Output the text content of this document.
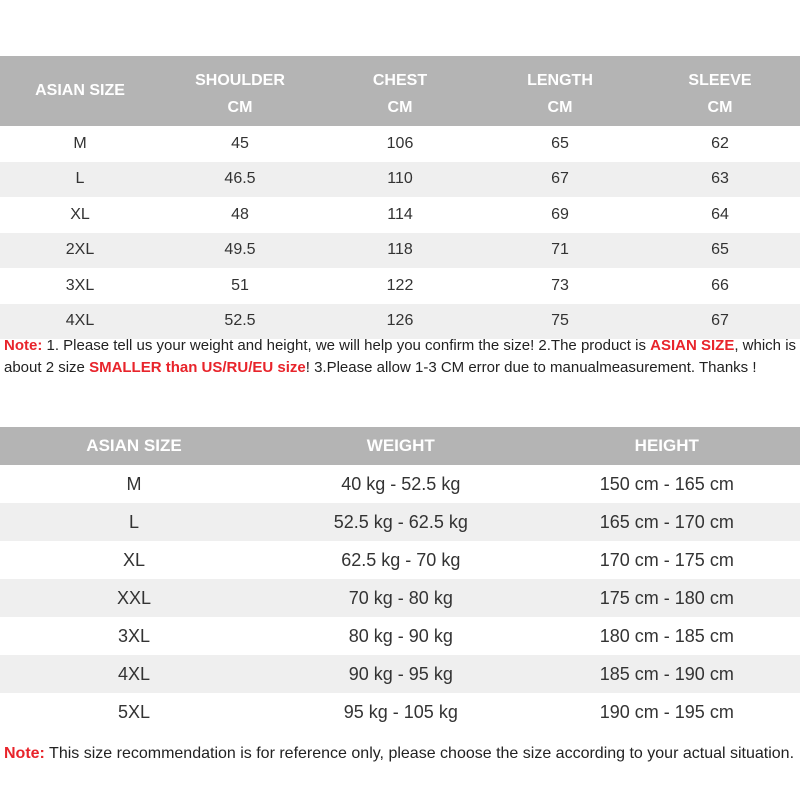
ASIAN SIZE	SHOULDER	CHEST	LENGTH	SLEEVE
	CM	CM	CM	CM
M	45	106	65	62
L	46.5	110	67	63
XL	48	114	69	64
2XL	49.5	118	71	65
3XL	51	122	73	66
4XL	52.5	126	75	67
Note: 1. Please tell us your weight and height, we will help you confirm the size! 2.The product is ASIAN SIZE, which is about 2 size SMALLER than US/RU/EU size! 3.Please allow 1-3 CM error due to manualmeasurement. Thanks !
ASIAN SIZE	WEIGHT	HEIGHT
M	40 kg - 52.5 kg	150 cm - 165 cm
L	52.5 kg - 62.5 kg	165 cm - 170 cm
XL	62.5 kg - 70 kg	170 cm - 175 cm
XXL	70 kg - 80 kg	175 cm - 180 cm
3XL	80 kg - 90 kg	180 cm - 185 cm
4XL	90 kg - 95 kg	185 cm - 190 cm
5XL	95 kg - 105 kg	190 cm - 195 cm
Note: This size recommendation is for reference only, please choose the size according to your actual situation.
